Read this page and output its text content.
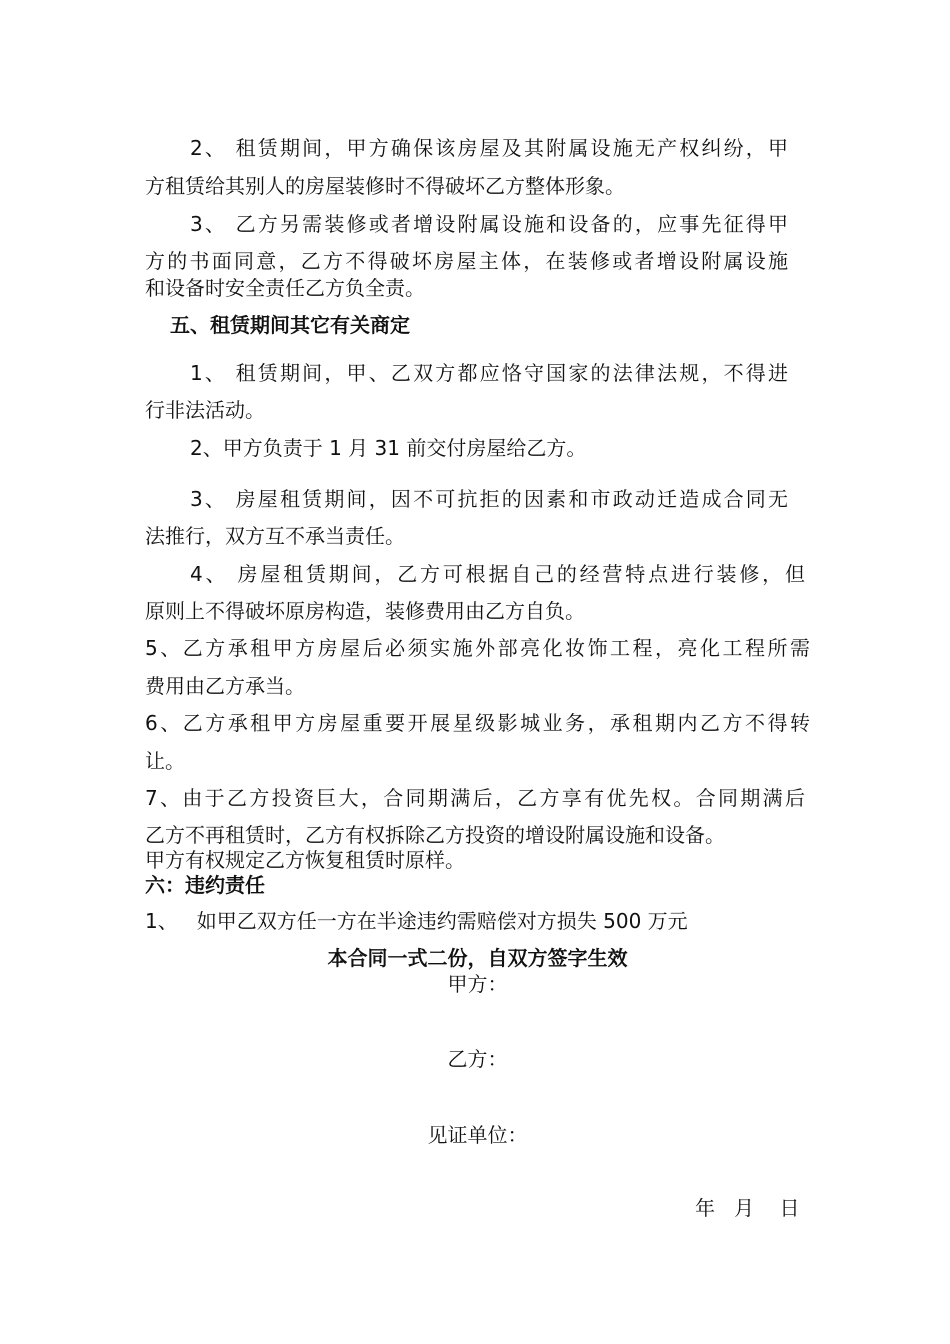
2、 租赁期间，甲方确保该房屋及其附属设施无产权纠纷，甲
方租赁给其别人的房屋装修时不得破坏乙方整体形象。
3、 乙方另需装修或者增设附属设施和设备的，应事先征得甲
方的书面同意，乙方不得破坏房屋主体，在装修或者增设附属设施
和设备时安全责任乙方负全责。
五、租赁期间其它有关商定
1、 租赁期间，甲、乙双方都应恪守国家的法律法规，不得进
行非法活动。
2、甲方负责于 1 月 31 前交付房屋给乙方。
3、 房屋租赁期间，因不可抗拒的因素和市政动迁造成合同无
法推行，双方互不承当责任。
4、 房屋租赁期间，乙方可根据自己的经营特点进行装修，但
原则上不得破坏原房构造，装修费用由乙方自负。
5、乙方承租甲方房屋后必须实施外部亮化妆饰工程，亮化工程所需
费用由乙方承当。
6、乙方承租甲方房屋重要开展星级影城业务，承租期内乙方不得转
让。
7、由于乙方投资巨大，合同期满后，乙方享有优先权。合同期满后
乙方不再租赁时，乙方有权拆除乙方投资的增设附属设施和设备。
甲方有权规定乙方恢复租赁时原样。
六：违约责任
1、   如甲乙双方任一方在半途违约需赔偿对方损失 500 万元
本合同一式二份，自双方签字生效
甲方：
乙方：
见证单位：
年   月    日
